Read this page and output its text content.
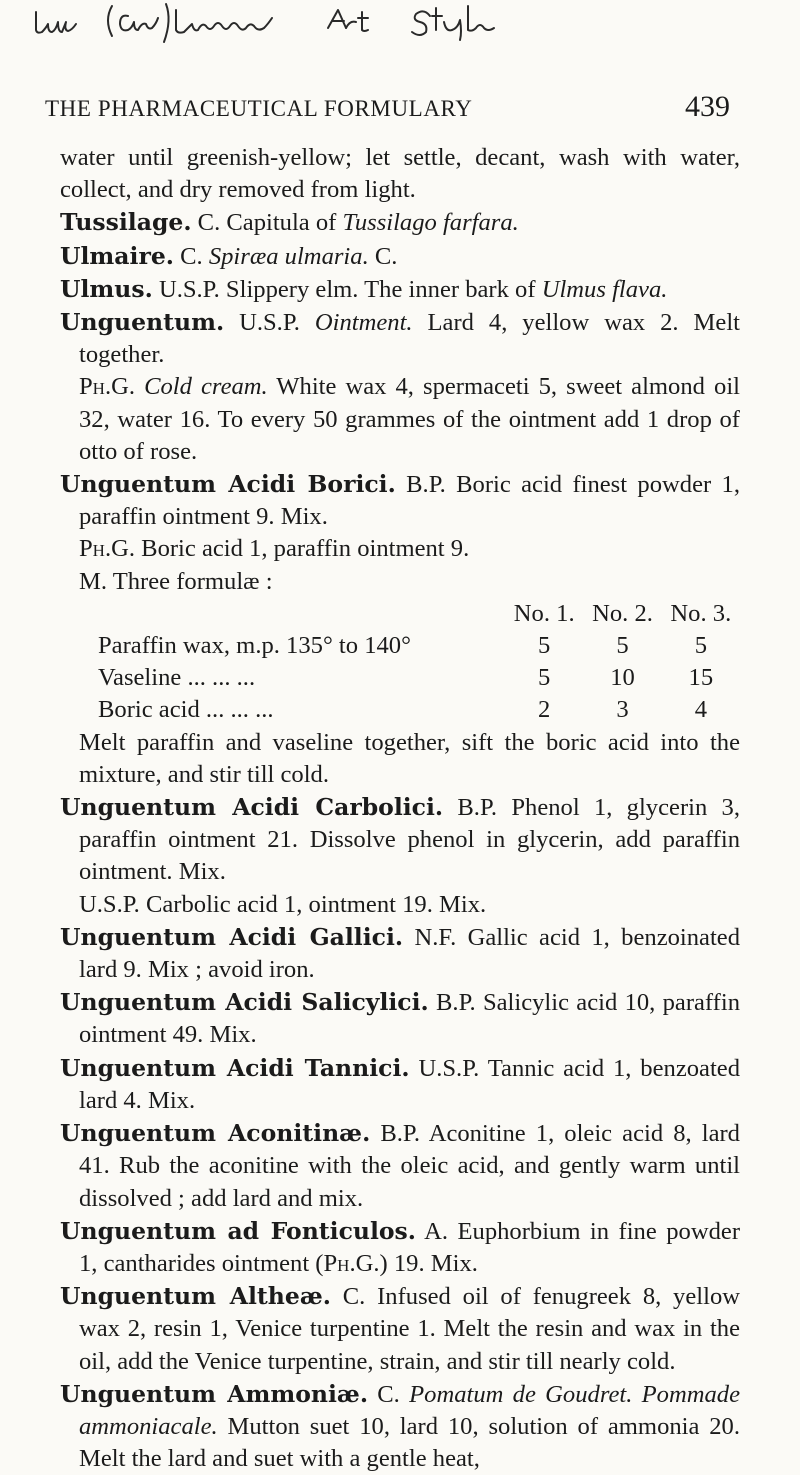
THE PHARMACEUTICAL FORMULARY	439

water until greenish-yellow; let settle, decant, wash with water, collect, and dry removed from light.

Tussilage. C. Capitula of Tussilago farfara.

Ulmaire. C. Spiræa ulmaria. C.

Ulmus. U.S.P. Slippery elm. The inner bark of Ulmus flava.

Unguentum. U.S.P. Ointment. Lard 4, yellow wax 2. Melt together.

Ph.G. Cold cream. White wax 4, spermaceti 5, sweet almond oil 32, water 16. To every 50 grammes of the ointment add 1 drop of otto of rose.

Unguentum Acidi Borici. B.P. Boric acid finest powder 1, paraffin ointment 9. Mix.

Ph.G. Boric acid 1, paraffin ointment 9.

M. Three formulæ :

	No. 1.	No. 2.	No. 3.
Paraffin wax, m.p. 135° to 140°	5	5	5
Vaseline ... ... ...	5	10	15
Boric acid ... ... ...	2	3	4

Melt paraffin and vaseline together, sift the boric acid into the mixture, and stir till cold.

Unguentum Acidi Carbolici. B.P. Phenol 1, glycerin 3, paraffin ointment 21. Dissolve phenol in glycerin, add paraffin ointment. Mix.

U.S.P. Carbolic acid 1, ointment 19. Mix.

Unguentum Acidi Gallici. N.F. Gallic acid 1, benzoinated lard 9. Mix ; avoid iron.

Unguentum Acidi Salicylici. B.P. Salicylic acid 10, paraffin ointment 49. Mix.

Unguentum Acidi Tannici. U.S.P. Tannic acid 1, benzoated lard 4. Mix.

Unguentum Aconitinæ. B.P. Aconitine 1, oleic acid 8, lard 41. Rub the aconitine with the oleic acid, and gently warm until dissolved ; add lard and mix.

Unguentum ad Fonticulos. A. Euphorbium in fine powder 1, cantharides ointment (Ph.G.) 19. Mix.

Unguentum Altheæ. C. Infused oil of fenugreek 8, yellow wax 2, resin 1, Venice turpentine 1. Melt the resin and wax in the oil, add the Venice turpentine, strain, and stir till nearly cold.

Unguentum Ammoniæ. C. Pomatum de Goudret. Pommade ammoniacale. Mutton suet 10, lard 10, solution of ammonia 20. Melt the lard and suet with a gentle heat,
